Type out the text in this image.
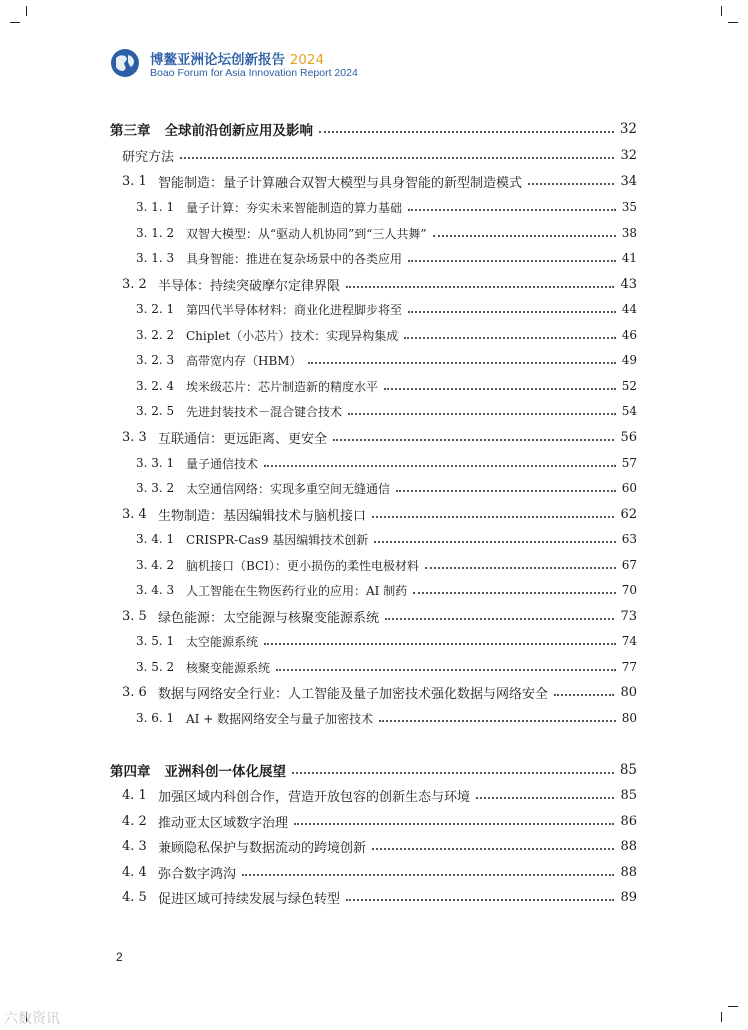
博鳌亚洲论坛创新报告 2024
Boao Forum for Asia Innovation Report 2024
第三章 全球前沿创新应用及影响	32
研究方法	32
3. 1 智能制造：量子计算融合双智大模型与具身智能的新型制造模式	34
3. 1. 1 量子计算：夯实未来智能制造的算力基础	35
3. 1. 2 双智大模型：从“驱动人机协同”到“三人共舞”	38
3. 1. 3 具身智能：推进在复杂场景中的各类应用	41
3. 2 半导体：持续突破摩尔定律界限	43
3. 2. 1 第四代半导体材料：商业化进程脚步将至	44
3. 2. 2 Chiplet（小芯片）技术：实现异构集成	46
3. 2. 3 高带宽内存（HBM）	49
3. 2. 4 埃米级芯片：芯片制造新的精度水平	52
3. 2. 5 先进封装技术－混合键合技术	54
3. 3 互联通信：更远距离、更安全	56
3. 3. 1 量子通信技术	57
3. 3. 2 太空通信网络：实现多重空间无缝通信	60
3. 4 生物制造：基因编辑技术与脑机接口	62
3. 4. 1 CRISPR-Cas9 基因编辑技术创新	63
3. 4. 2 脑机接口（BCI）：更小损伤的柔性电极材料	67
3. 4. 3 人工智能在生物医药行业的应用：AI 制药	70
3. 5 绿色能源：太空能源与核聚变能源系统	73
3. 5. 1 太空能源系统	74
3. 5. 2 核聚变能源系统	77
3. 6 数据与网络安全行业：人工智能及量子加密技术强化数据与网络安全	80
3. 6. 1 AI + 数据网络安全与量子加密技术	80
第四章 亚洲科创一体化展望	85
4. 1 加强区域内科创合作，营造开放包容的创新生态与环境	85
4. 2 推动亚太区域数字治理	86
4. 3 兼顾隐私保护与数据流动的跨境创新	88
4. 4 弥合数字鸿沟	88
4. 5 促进区域可持续发展与绿色转型	89
2
六数资讯
